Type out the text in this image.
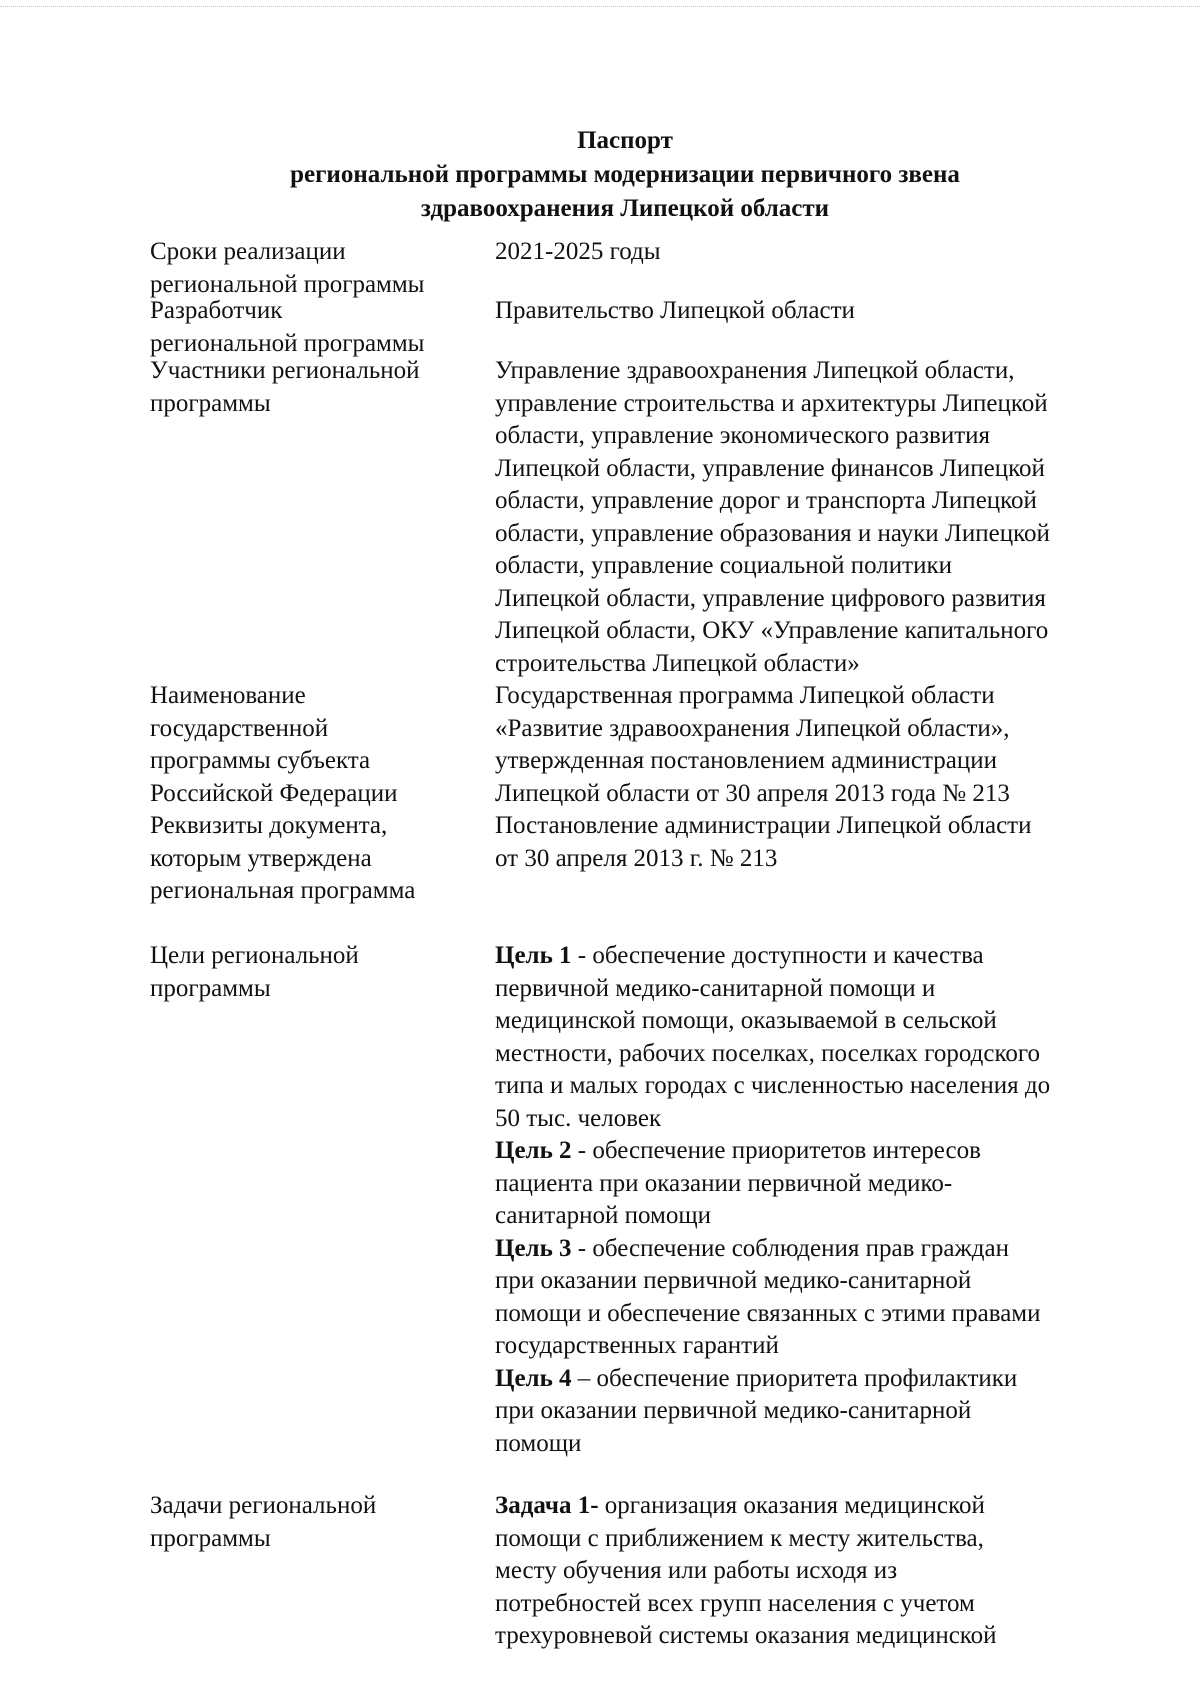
Паспорт
региональной программы модернизации первичного звена
здравоохранения Липецкой области
Сроки реализации
региональной программы
2021-2025 годы
Разработчик
региональной программы
Правительство Липецкой области
Участники региональной
программы
Управление здравоохранения Липецкой области,
управление строительства и архитектуры Липецкой
области, управление экономического развития
Липецкой области, управление финансов Липецкой
области, управление дорог и транспорта Липецкой
области, управление образования и науки Липецкой
области, управление социальной политики
Липецкой области, управление цифрового развития
Липецкой области, ОКУ «Управление капитального
строительства Липецкой области»
Наименование
государственной
программы субъекта
Российской Федерации
Государственная программа Липецкой области
«Развитие здравоохранения Липецкой области»,
утвержденная постановлением администрации
Липецкой области от 30 апреля 2013 года № 213
Реквизиты документа,
которым утверждена
региональная программа
Постановление администрации Липецкой области
от 30 апреля 2013 г. № 213
Цели региональной
программы
Цель 1 - обеспечение доступности и качества
первичной медико-санитарной помощи и
медицинской помощи, оказываемой в сельской
местности, рабочих поселках, поселках городского
типа и малых городах с численностью населения до
50 тыс. человек
Цель 2 - обеспечение приоритетов интересов
пациента при оказании первичной медико-
санитарной помощи
Цель 3 - обеспечение соблюдения прав граждан
при оказании первичной медико-санитарной
помощи и обеспечение связанных с этими правами
государственных гарантий
Цель 4 – обеспечение приоритета профилактики
при оказании первичной медико-санитарной
помощи
Задачи региональной
программы
Задача 1- организация оказания медицинской
помощи с приближением к месту жительства,
месту обучения или работы исходя из
потребностей всех групп населения с учетом
трехуровневой системы оказания медицинской
